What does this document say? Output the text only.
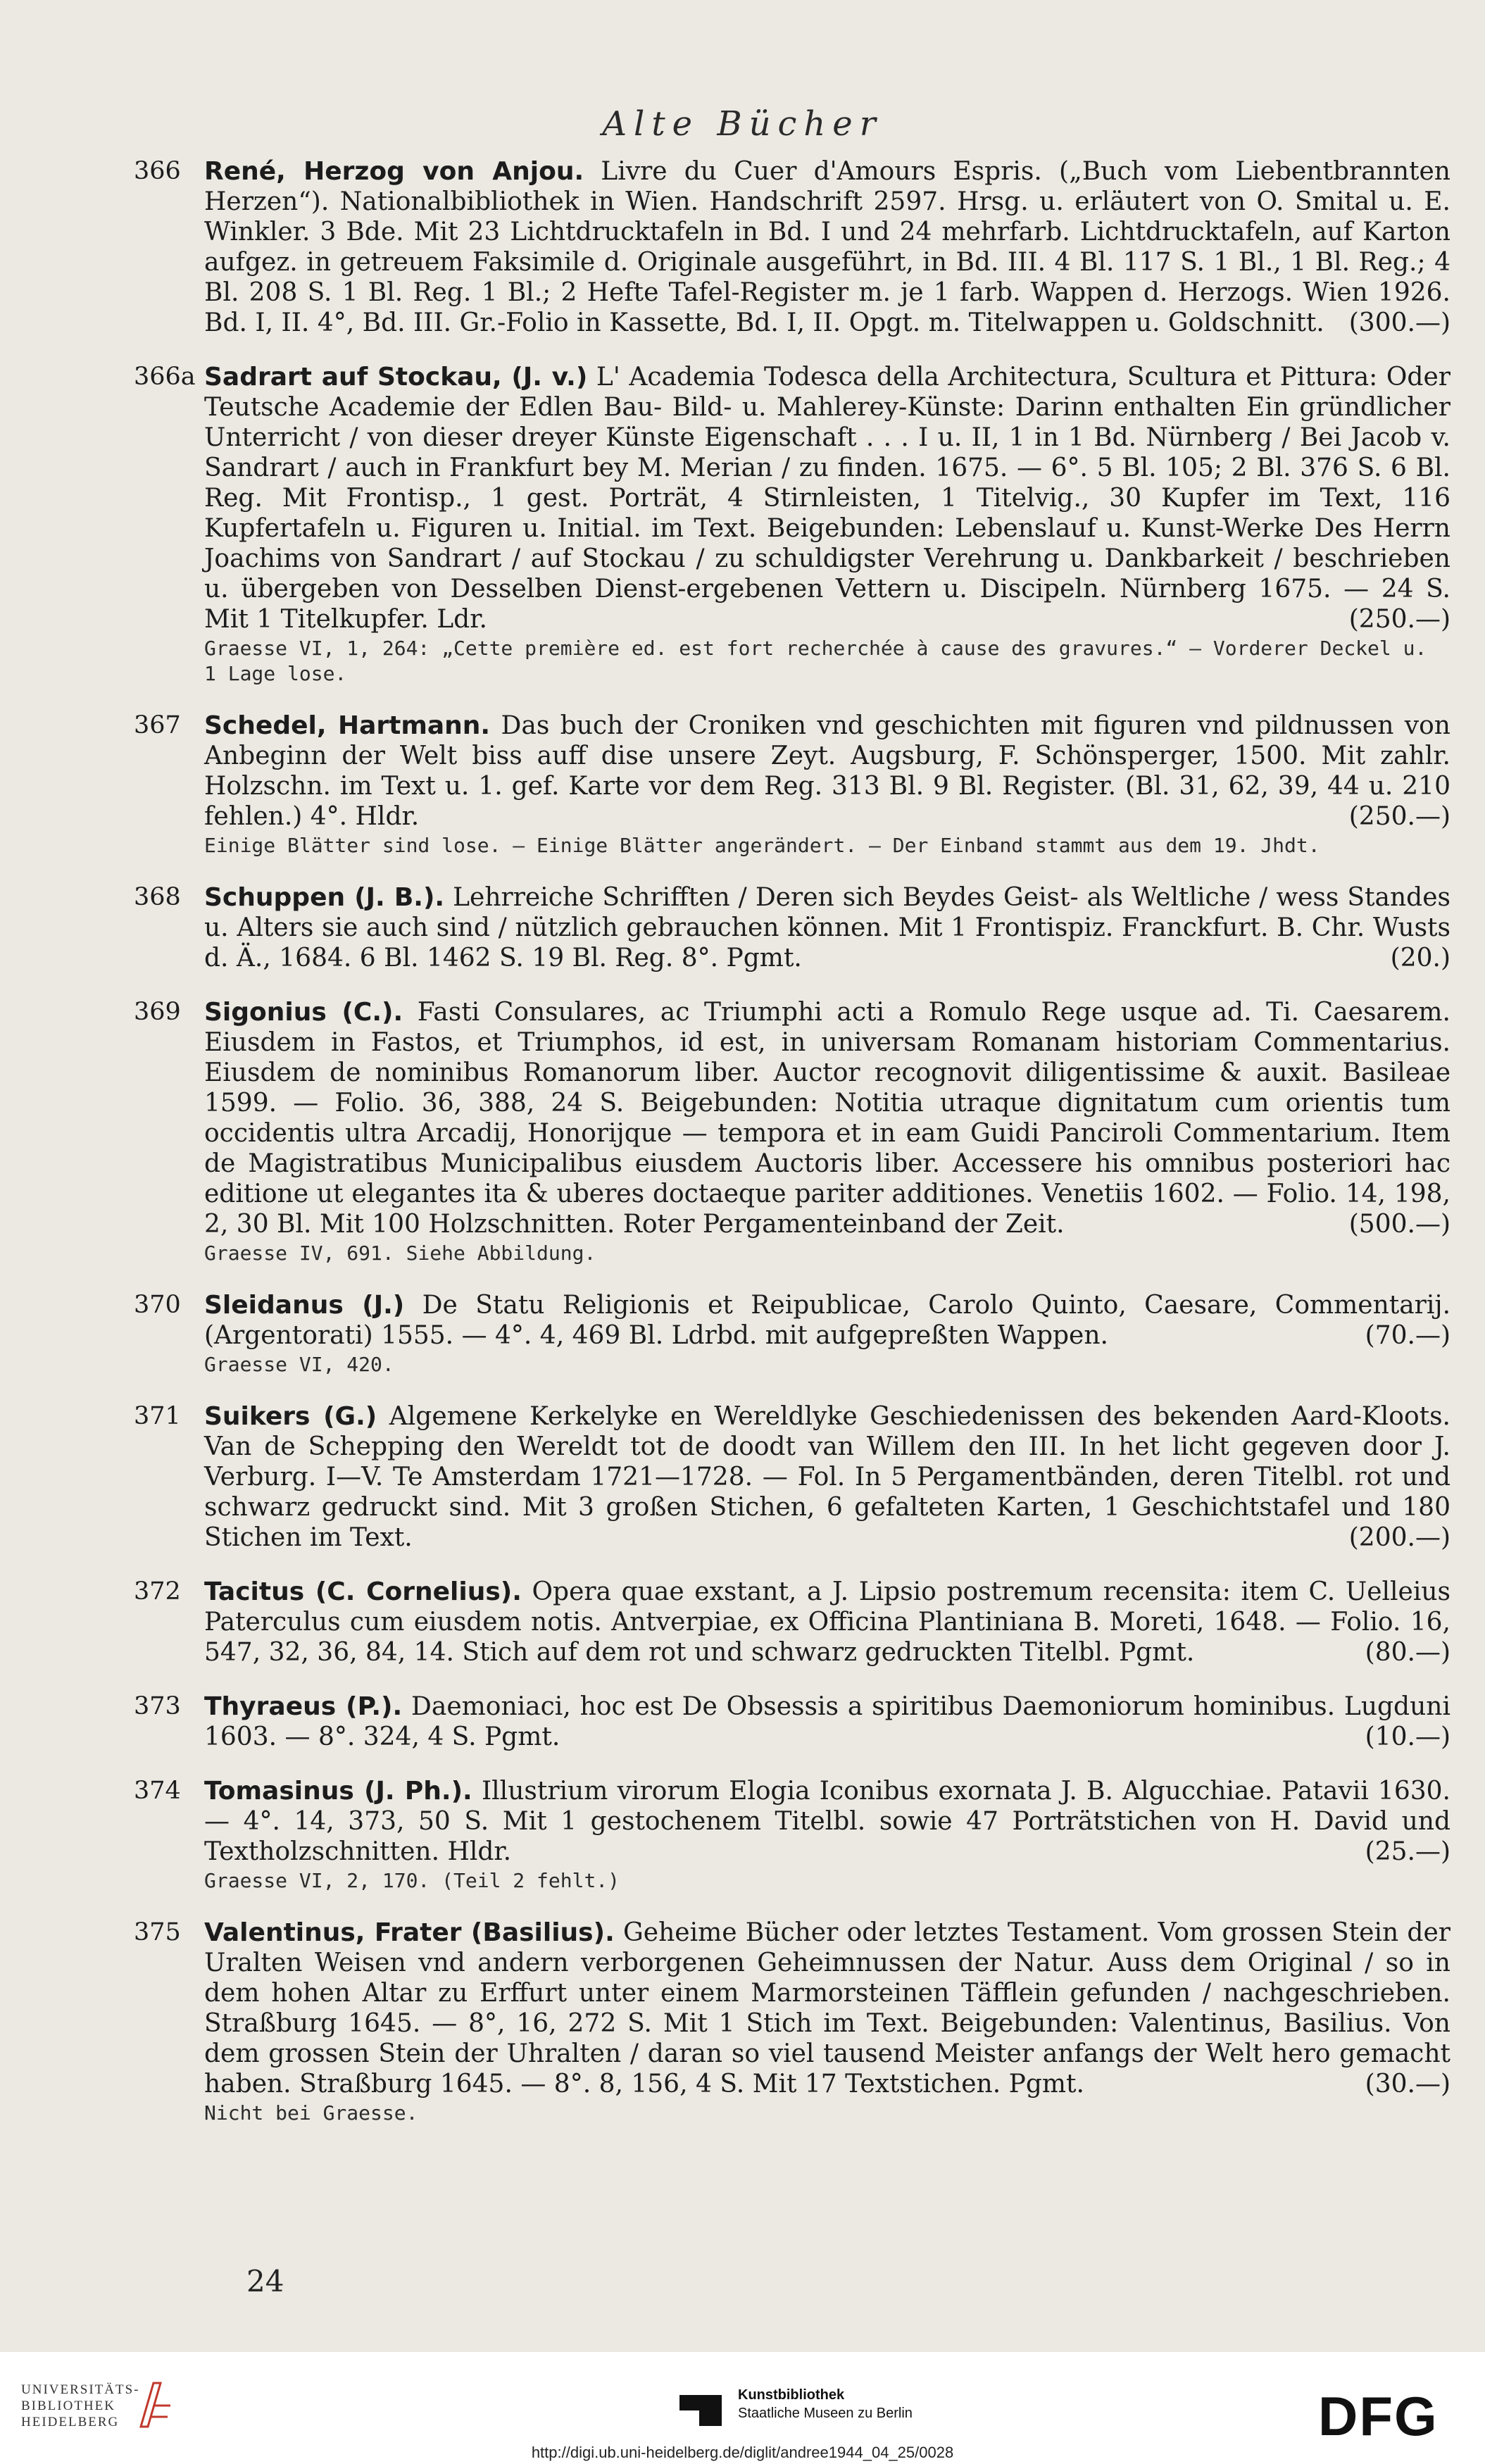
Alte Bücher
366 René, Herzog von Anjou. Livre du Cuer d'Amours Espris. („Buch vom Liebentbrannten Herzen“). Nationalbibliothek in Wien. Handschrift 2597. Hrsg. u. erläutert von O. Smital u. E. Winkler. 3 Bde. Mit 23 Lichtdrucktafeln in Bd. I und 24 mehrfarb. Lichtdrucktafeln, auf Karton aufgez. in getreuem Faksimile d. Originale ausgeführt, in Bd. III. 4 Bl. 117 S. 1 Bl., 1 Bl. Reg.; 4 Bl. 208 S. 1 Bl. Reg. 1 Bl.; 2 Hefte Tafel-Register m. je 1 farb. Wappen d. Herzogs. Wien 1926. Bd. I, II. 4°, Bd. III. Gr.-Folio in Kassette, Bd. I, II. Opgt. m. Titelwappen u. Goldschnitt. (300.—)
366a Sadrart auf Stockau, (J. v.) L' Academia Todesca della Architectura, Scultura et Pittura: Oder Teutsche Academie der Edlen Bau- Bild- u. Mahlerey-Künste: Darinn enthalten Ein gründlicher Unterricht / von dieser dreyer Künste Eigenschaft . . . I u. II, 1 in 1 Bd. Nürnberg / Bei Jacob v. Sandrart / auch in Frankfurt bey M. Merian / zu finden. 1675. — 6°. 5 Bl. 105; 2 Bl. 376 S. 6 Bl. Reg. Mit Frontisp., 1 gest. Porträt, 4 Stirnleisten, 1 Titelvig., 30 Kupfer im Text, 116 Kupfertafeln u. Figuren u. Initial. im Text. Beigebunden: Lebenslauf u. Kunst-Werke Des Herrn Joachims von Sandrart / auf Stockau / zu schuldigster Verehrung u. Dankbarkeit / beschrieben u. übergeben von Desselben Dienst-ergebenen Vettern u. Discipeln. Nürnberg 1675. — 24 S. Mit 1 Titelkupfer. Ldr.	(250.—)
Graesse VI, 1, 264: „Cette première ed. est fort recherchée à cause des gravures.“ — Vorderer Deckel u. 1 Lage lose.
367 Schedel, Hartmann. Das buch der Croniken vnd geschichten mit figuren vnd pildnussen von Anbeginn der Welt biss auff dise unsere Zeyt. Augsburg, F. Schönsperger, 1500. Mit zahlr. Holzschn. im Text u. 1. gef. Karte vor dem Reg. 313 Bl. 9 Bl. Register. (Bl. 31, 62, 39, 44 u. 210 fehlen.) 4°. Hldr.	(250.—)
Einige Blätter sind lose. — Einige Blätter angerändert. — Der Einband stammt aus dem 19. Jhdt.
368 Schuppen (J. B.). Lehrreiche Schrifften / Deren sich Beydes Geist- als Weltliche / wess Standes u. Alters sie auch sind / nützlich gebrauchen können. Mit 1 Frontispiz. Franckfurt. B. Chr. Wusts d. Ä., 1684. 6 Bl. 1462 S. 19 Bl. Reg. 8°. Pgmt.	(20.)
369 Sigonius (C.). Fasti Consulares, ac Triumphi acti a Romulo Rege usque ad. Ti. Caesarem. Eiusdem in Fastos, et Triumphos, id est, in universam Romanam historiam Commentarius. Eiusdem de nominibus Romanorum liber. Auctor recognovit diligentissime & auxit. Basileae 1599. — Folio. 36, 388, 24 S. Beigebunden: Notitia utraque dignitatum cum orientis tum occidentis ultra Arcadij, Honorijque — tempora et in eam Guidi Panciroli Commentarium. Item de Magistratibus Municipalibus eiusdem Auctoris liber. Accessere his omnibus posteriori hac editione ut elegantes ita & uberes doctaeque pariter additiones. Venetiis 1602. — Folio. 14, 198, 2, 30 Bl. Mit 100 Holzschnitten. Roter Pergamenteinband der Zeit.	(500.—)
Graesse IV, 691. Siehe Abbildung.
370 Sleidanus (J.) De Statu Religionis et Reipublicae, Carolo Quinto, Caesare, Commentarij. (Argentorati) 1555. — 4°. 4, 469 Bl. Ldrbd. mit aufgepreßten Wappen.	(70.—)
Graesse VI, 420.
371 Suikers (G.) Algemene Kerkelyke en Wereldlyke Geschiedenissen des bekenden Aard-Kloots. Van de Schepping den Wereldt tot de doodt van Willem den III. In het licht gegeven door J. Verburg. I—V. Te Amsterdam 1721—1728. — Fol. In 5 Pergamentbänden, deren Titelbl. rot und schwarz gedruckt sind. Mit 3 großen Stichen, 6 gefalteten Karten, 1 Geschichtstafel und 180 Stichen im Text.	(200.—)
372 Tacitus (C. Cornelius). Opera quae exstant, a J. Lipsio postremum recensita: item C. Uelleius Paterculus cum eiusdem notis. Antverpiae, ex Officina Plantiniana B. Moreti, 1648. — Folio. 16, 547, 32, 36, 84, 14. Stich auf dem rot und schwarz gedruckten Titelbl. Pgmt.	(80.—)
373 Thyraeus (P.). Daemoniaci, hoc est De Obsessis a spiritibus Daemoniorum hominibus. Lugduni 1603. — 8°. 324, 4 S. Pgmt.	(10.—)
374 Tomasinus (J. Ph.). Illustrium virorum Elogia Iconibus exornata J. B. Algucchiae. Patavii 1630. — 4°. 14, 373, 50 S. Mit 1 gestochenem Titelbl. sowie 47 Porträtstichen von H. David und Textholzschnitten. Hldr.	(25.—)
Graesse VI, 2, 170. (Teil 2 fehlt.)
375 Valentinus, Frater (Basilius). Geheime Bücher oder letztes Testament. Vom grossen Stein der Uralten Weisen vnd andern verborgenen Geheimnussen der Natur. Auss dem Original / so in dem hohen Altar zu Erffurt unter einem Marmorsteinen Täfflein gefunden / nachgeschrieben. Straßburg 1645. — 8°, 16, 272 S. Mit 1 Stich im Text. Beigebunden: Valentinus, Basilius. Von dem grossen Stein der Uhralten / daran so viel tausend Meister anfangs der Welt hero gemacht haben. Straßburg 1645. — 8°. 8, 156, 4 S. Mit 17 Textstichen. Pgmt.	(30.—)
Nicht bei Graesse.
24
UNIVERSITÄTS-
BIBLIOTHEK
HEIDELBERG
Kunstbibliothek
Staatliche Museen zu Berlin	DFG
http://digi.ub.uni-heidelberg.de/diglit/andree1944_04_25/0028
